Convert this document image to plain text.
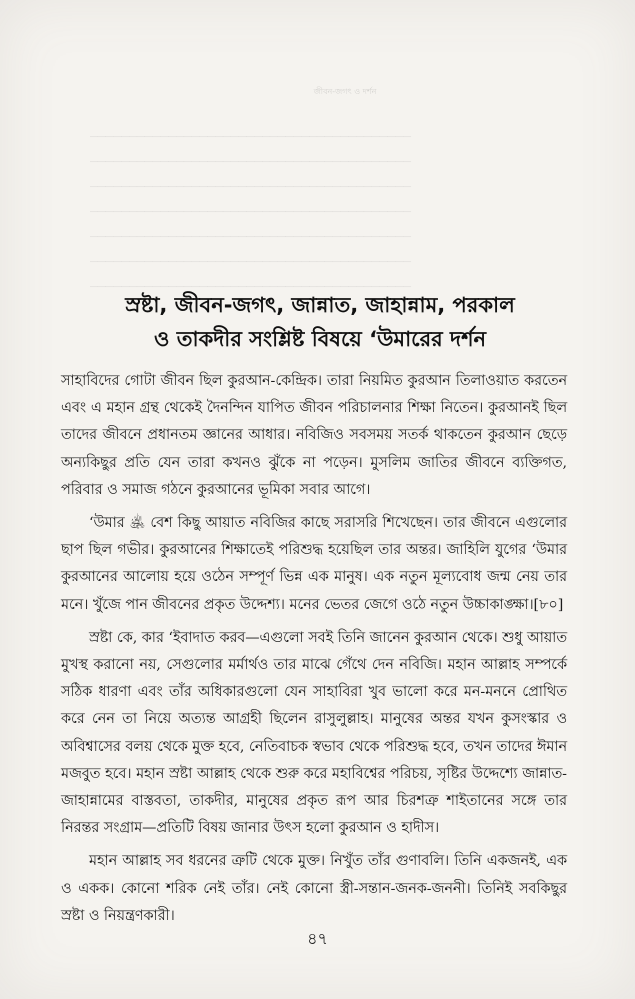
─────────────────────────────────────────
─────────────────────────────────────────
─────────────────────────────────────────
─────────────────────────────────────────
─────────────────────────────────────────
─────────────────────────────────────────
─────────────────────────────────────────
জীবন-জগৎ ও দর্শন
স্রষ্টা, জীবন-জগৎ, জান্নাত, জাহান্নাম, পরকাল
ও তাকদীর সংশ্লিষ্ট বিষয়ে ‘উমারের দর্শন

সাহাবিদের গোটা জীবন ছিল কুরআন-কেন্দ্রিক। তারা নিয়মিত কুরআন তিলাওয়াত করতেন এবং এ মহান গ্রন্থ থেকেই দৈনন্দিন যাপিত জীবন পরিচালনার শিক্ষা নিতেন। কুরআনই ছিল তাদের জীবনে প্রধানতম জ্ঞানের আধার। নবিজিও সবসময় সতর্ক থাকতেন কুরআন ছেড়ে অন্যকিছুর প্রতি যেন তারা কখনও ঝুঁকে না পড়েন। মুসলিম জাতির জীবনে ব্যক্তিগত, পরিবার ও সমাজ গঠনে কুরআনের ভূমিকা সবার আগে।

‘উমার ﵁ বেশ কিছু আয়াত নবিজির কাছে সরাসরি শিখেছেন। তার জীবনে এগুলোর ছাপ ছিল গভীর। কুরআনের শিক্ষাতেই পরিশুদ্ধ হয়েছিল তার অন্তর। জাহিলি যুগের ‘উমার কুরআনের আলোয় হয়ে ওঠেন সম্পূর্ণ ভিন্ন এক মানুষ। এক নতুন মূল্যবোধ জন্ম নেয় তার মনে। খুঁজে পান জীবনের প্রকৃত উদ্দেশ্য। মনের ভেতর জেগে ওঠে নতুন উচ্চাকাঙ্ক্ষা।[৮০]

স্রষ্টা কে, কার ‘ইবাদাত করব—এগুলো সবই তিনি জানেন কুরআন থেকে। শুধু আয়াত মুখস্থ করানো নয়, সেগুলোর মর্মার্থও তার মাঝে গেঁথে দেন নবিজি। মহান আল্লাহ সম্পর্কে সঠিক ধারণা এবং তাঁর অধিকারগুলো যেন সাহাবিরা খুব ভালো করে মন-মননে প্রোথিত করে নেন তা নিয়ে অত্যন্ত আগ্রহী ছিলেন রাসুলুল্লাহ। মানুষের অন্তর যখন কুসংস্কার ও অবিশ্বাসের বলয় থেকে মুক্ত হবে, নেতিবাচক স্বভাব থেকে পরিশুদ্ধ হবে, তখন তাদের ঈমান মজবুত হবে। মহান স্রষ্টা আল্লাহ থেকে শুরু করে মহাবিশ্বের পরিচয়, সৃষ্টির উদ্দেশ্যে জান্নাত-জাহান্নামের বাস্তবতা, তাকদীর, মানুষের প্রকৃত রূপ আর চিরশত্রু শাইতানের সঙ্গে তার নিরন্তর সংগ্রাম—প্রতিটি বিষয় জানার উৎস হলো কুরআন ও হাদীস।

মহান আল্লাহ সব ধরনের ত্রুটি থেকে মুক্ত। নিখুঁত তাঁর গুণাবলি। তিনি একজনই, এক ও একক। কোনো শরিক নেই তাঁর। নেই কোনো স্ত্রী-সন্তান-জনক-জননী। তিনিই সবকিছুর স্রষ্টা ও নিয়ন্ত্রণকারী।

৪৭
